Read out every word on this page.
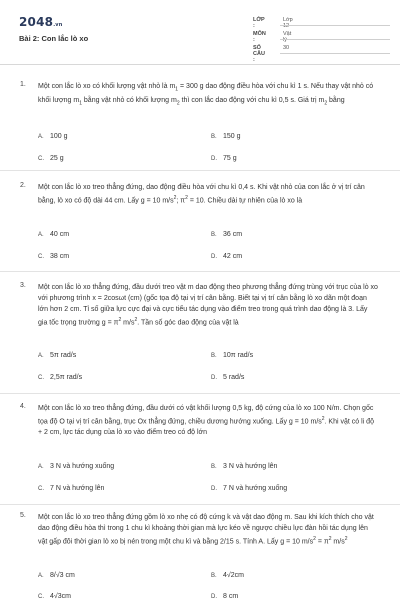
2048.vn
Bài 2: Con lắc lò xo
LỚP :
Lớp 12
MÔN :
Vật lý
SỐ CÂU :
30
1. Một con lắc lò xo có khối lượng vật nhỏ là $m_1 = 300$ g dao động điều hòa với chu kì 1 s. Nếu thay vật nhỏ có khối lượng $m_1$ bằng vật nhỏ có khối lượng $m_2$ thì con lắc dao động với chu kì 0,5 s. Giá trị $m_2$ bằng
A. 100 g	B. 150 g
C. 25 g	D. 75 g
2. Một con lắc lò xo treo thẳng đứng, dao động điều hòa với chu kì 0,4 s. Khi vật nhỏ của con lắc ở vị trí cân bằng, lò xo có độ dài 44 cm. Lấy g = 10 $m/s^2$; $\pi^2 = 10$. Chiều dài tự nhiên của lò xo là
A. 40 cm	B. 36 cm
C. 38 cm	D. 42 cm
3. Một con lắc lò xo thẳng đứng, đầu dưới treo vật m dao động theo phương thẳng đứng trùng với trục của lò xo với phương trình x = 2cosωt (cm) (gốc tọa độ tại vị trí cân bằng. Biết tại vị trí cân bằng lò xo dãn một đoạn lớn hơn 2 cm. Tỉ số giữa lực cực đại và cực tiểu tác dụng vào điểm treo trong quá trình dao động là 3. Lấy gia tốc trọng trường $g = \pi^2$ $m/s^2$. Tần số góc dao động của vật là
A. 5π rad/s	B. 10π rad/s
C. 2,5π rad/s	D. 5 rad/s
4. Một con lắc lò xo treo thẳng đứng, đầu dưới có vật khối lượng 0,5 kg, độ cứng của lò xo 100 N/m. Chọn gốc tọa độ O tại vị trí cân bằng, trục Ox thẳng đứng, chiều dương hướng xuống. Lấy g = 10 $m/s^2$. Khi vật có li độ + 2 cm, lực tác dụng của lò xo vào điểm treo có độ lớn
A. 3 N và hướng xuống	B. 3 N và hướng lên
C. 7 N và hướng lên	D. 7 N và hướng xuống
5. Một con lắc lò xo treo thẳng đứng gồm lò xo nhẹ có độ cứng k và vật dao động m. Sau khi kích thích cho vật dao động điều hòa thì trong 1 chu kì khoảng thời gian mà lực kéo về ngược chiều lực đàn hồi tác dụng lên vật gấp đôi thời gian lò xo bị nén trong một chu kì và bằng 2/15 s. Tính A. Lấy g = 10 $m/s^2 = \pi^2$ $m/s^2$
A. 8/√3 cm	B. 4√2cm
C. 4√3cm	D. 8 cm
